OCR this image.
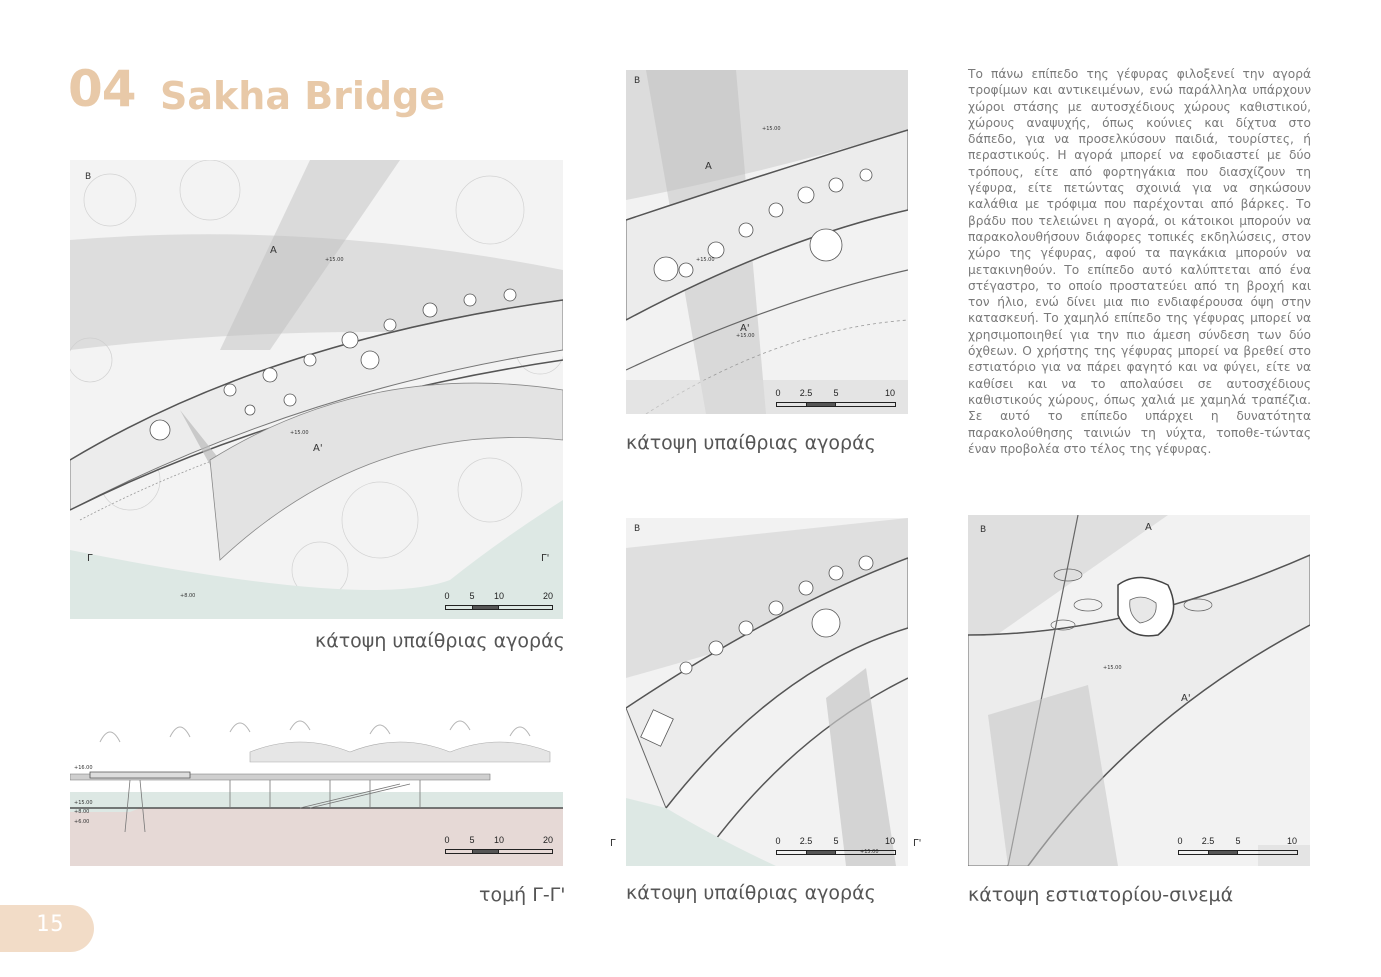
04 Sakha Bridge
B
A
A'
Γ	Γ'
+15.00
+15.00
+8.00	0 5 10	20
κάτοψη υπαίθριας αγοράς
+16.00
+15.00
+8.00
+6.00
0 5 10	20
τομή Γ-Γ'
B
A
A'
+15.00
+15.00
+15.00
0 2.5 5	10
κάτοψη υπαίθριας αγοράς
B
+15.00
Γ	Γ'
0 2.5 5	10
κάτοψη υπαίθριας αγοράς
Το πάνω επίπεδο της γέφυρας φιλοξενεί την αγορά τροφίμων και αντικειμένων, ενώ παράλληλα υπάρχουν χώροι στάσης με αυτοσχέδιους χώρους καθιστικού, χώρους αναψυχής, όπως κούνιες και δίχτυα στο δάπεδο, για να προσελκύσουν παιδιά, τουρίστες, ή περαστικούς. Η αγορά μπορεί να εφοδιαστεί με δύο τρόπους, είτε από φορτηγάκια που διασχίζουν τη γέφυρα, είτε πετώντας σχοινιά για να σηκώσουν καλάθια με τρόφιμα που παρέχονται από βάρκες. Το βράδυ που τελειώνει η αγορά, οι κάτοικοι μπορούν να παρακολουθήσουν διάφορες τοπικές εκδηλώσεις, στον χώρο της γέφυρας, αφού τα παγκάκια μπορούν να μετακινηθούν. Το επίπεδο αυτό καλύπτεται από ένα στέγαστρο, το οποίο προστατεύει από τη βροχή και τον ήλιο, ενώ δίνει μια πιο ενδιαφέρουσα όψη στην κατασκευή. Το χαμηλό επίπεδο της γέφυρας μπορεί να χρησιμοποιηθεί για την πιο άμεση σύνδεση των δύο όχθεων. Ο χρήστης της γέφυρας μπορεί να βρεθεί στο εστιατόριο για να πάρει φαγητό και να φύγει, είτε να καθίσει και να το απολαύσει σε αυτοσχέδιους καθιστικούς χώρους, όπως χαλιά με χαμηλά τραπέζια. Σε αυτό το επίπεδο υπάρχει η δυνατότητα παρακολούθησης ταινιών τη νύχτα, τοποθε-τώντας έναν προβολέα στο τέλος της γέφυρας.
B	A
A'
+15.00
0 2.5 5	10
κάτοψη εστιατορίου-σινεμά
15
